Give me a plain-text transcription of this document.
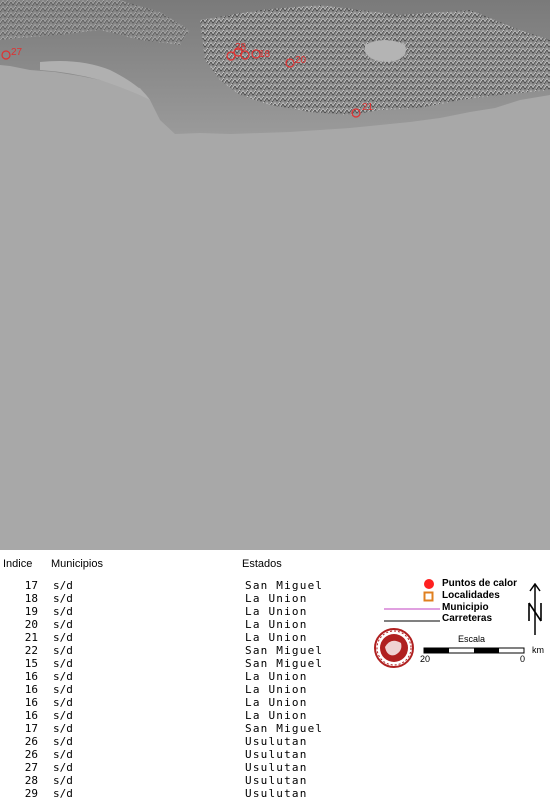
27	28
18
20
21
Indice Municipios	Estados
17 s/d	San Miguel
18 s/d	La Union
19 s/d	La Union
20 s/d	La Union
21 s/d	La Union
22 s/d	San Miguel
15 s/d	San Miguel
16 s/d	La Union
16 s/d	La Union
16 s/d	La Union
16 s/d	La Union
17 s/d	San Miguel
26 s/d	Usulutan
26 s/d	Usulutan
27 s/d	Usulutan
28 s/d	Usulutan
29 s/d	Usulutan
Puntos de calor
Localidades
Municipio
Carreteras
Escala
20	0
km
